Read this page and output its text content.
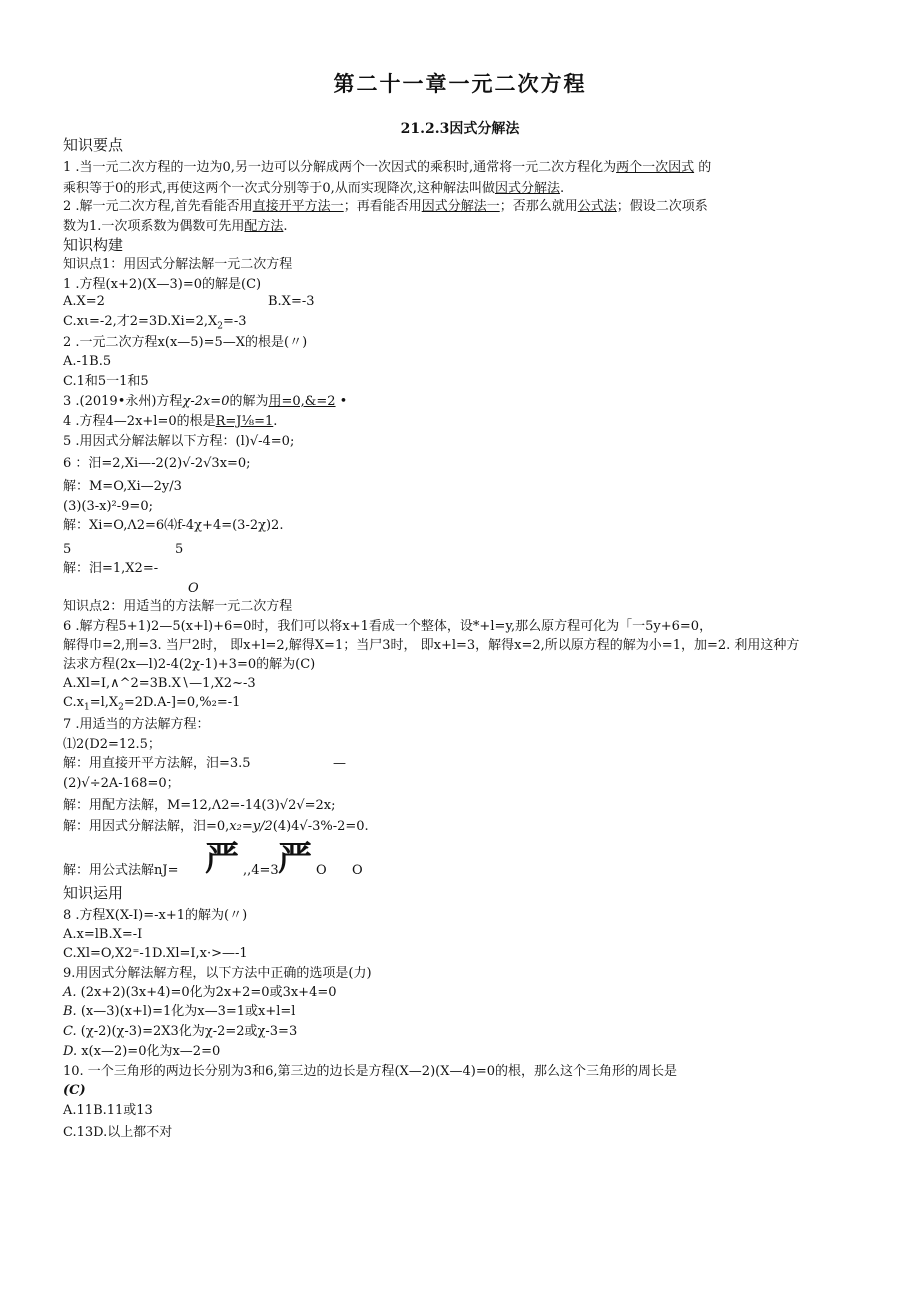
第二十一章一元二次方程
21.2.3因式分解法
知识要点
1 .当一元二次方程的一边为0,另一边可以分解成两个一次因式的乘积时,通常将一元二次方程化为两个一次因式 的
乘积等于0的形式,再使这两个一次式分别等于0,从而实现降次,这种解法叫做因式分解法.
2 .解一元二次方程,首先看能否用直接开平方法一；再看能否用因式分解法一；否那么就用公式法；假设二次项系
数为1.一次项系数为偶数可先用配方法.
知识构建
知识点1：用因式分解法解一元二次方程
1 .方程(x+2)(X—3)=0的解是(C)
A.X=2	B.X=-3
C.xι=-2,才$2=3D.Xi=2,X_2=-3$
2 .一元二次方程x(x—5)=5—X的根是(〃)
A.-1B.5
C.1和5一1和5
3 .(2019•永州)方程χ-2x=0的解为用=0,&=2 •
4 .方程4—2x+l=0的根是R=J⅛=1.
5 .用因式分解法解以下方程：(l)√-4=0;
6 ：汨=2,Xi—-2(2)√-2√3x=0;
解：M=O,Xi—2y∕3
(3)(3-x)²-9=0;
解：Xi=O,Λ2=6⑷f-4χ+4=(3-2χ)2.
5	5
解：汨=1,X2=-
O
知识点2：用适当的方法解一元二次方程
6 .解方程5+1)2—5(x+l)+6=0时，我们可以将x+1看成一个整体，设*+l=y,那么原方程可化为「一5y+6=0，
解得巾=2,刑=3. 当尸2时， 即x+l=2,解得X=1；当尸3时， 即x+l=3，解得x=2,所以原方程的解为小=1，加=2. 利用这种方
法求方程(2x—l)2-4(2χ-1)+3=0的解为(C)
A.Xl=I,∧^2=3B.X∖—1,X2~-3
$C.x_1=l,X_2=2D.A-]=0,\%_2=-1$
7 .用适当的方法解方程：
⑴2(D2=12.5；
解：用直接开平方法解，汨=3.5	—
(2)√÷2A-168=0；
解：用配方法解，M=12,Λ2=-14(3)√2√=2x;
解：用因式分解法解，汨=0,x₂=y∕2(4)4√-3%-2=0.
解：用公式法解nJ= 严 ,,4=3 严 O O
知识运用
8 .方程X(X-I)=-x+1的解为(〃)
A.x=lB.X=-I
C.Xl=O,X2⁼-1D.Xl=I,x·>—-1
9.用因式分解法解方程，以下方法中正确的选项是(力)
A. (2x+2)(3x+4)=0化为2x+2=0或3x+4=0
B. (x—3)(x+l)=1化为x—3=1或x+l=l
C. (χ-2)(χ-3)=2X3化为χ-2=2或χ-3=3
D. x(x—2)=0化为x—2=0
10. 一个三角形的两边长分别为3和6,第三边的边长是方程(X—2)(X—4)=0的根，那么这个三角形的周长是
(C)
A.11B.11或13
C.13D.以上都不对
